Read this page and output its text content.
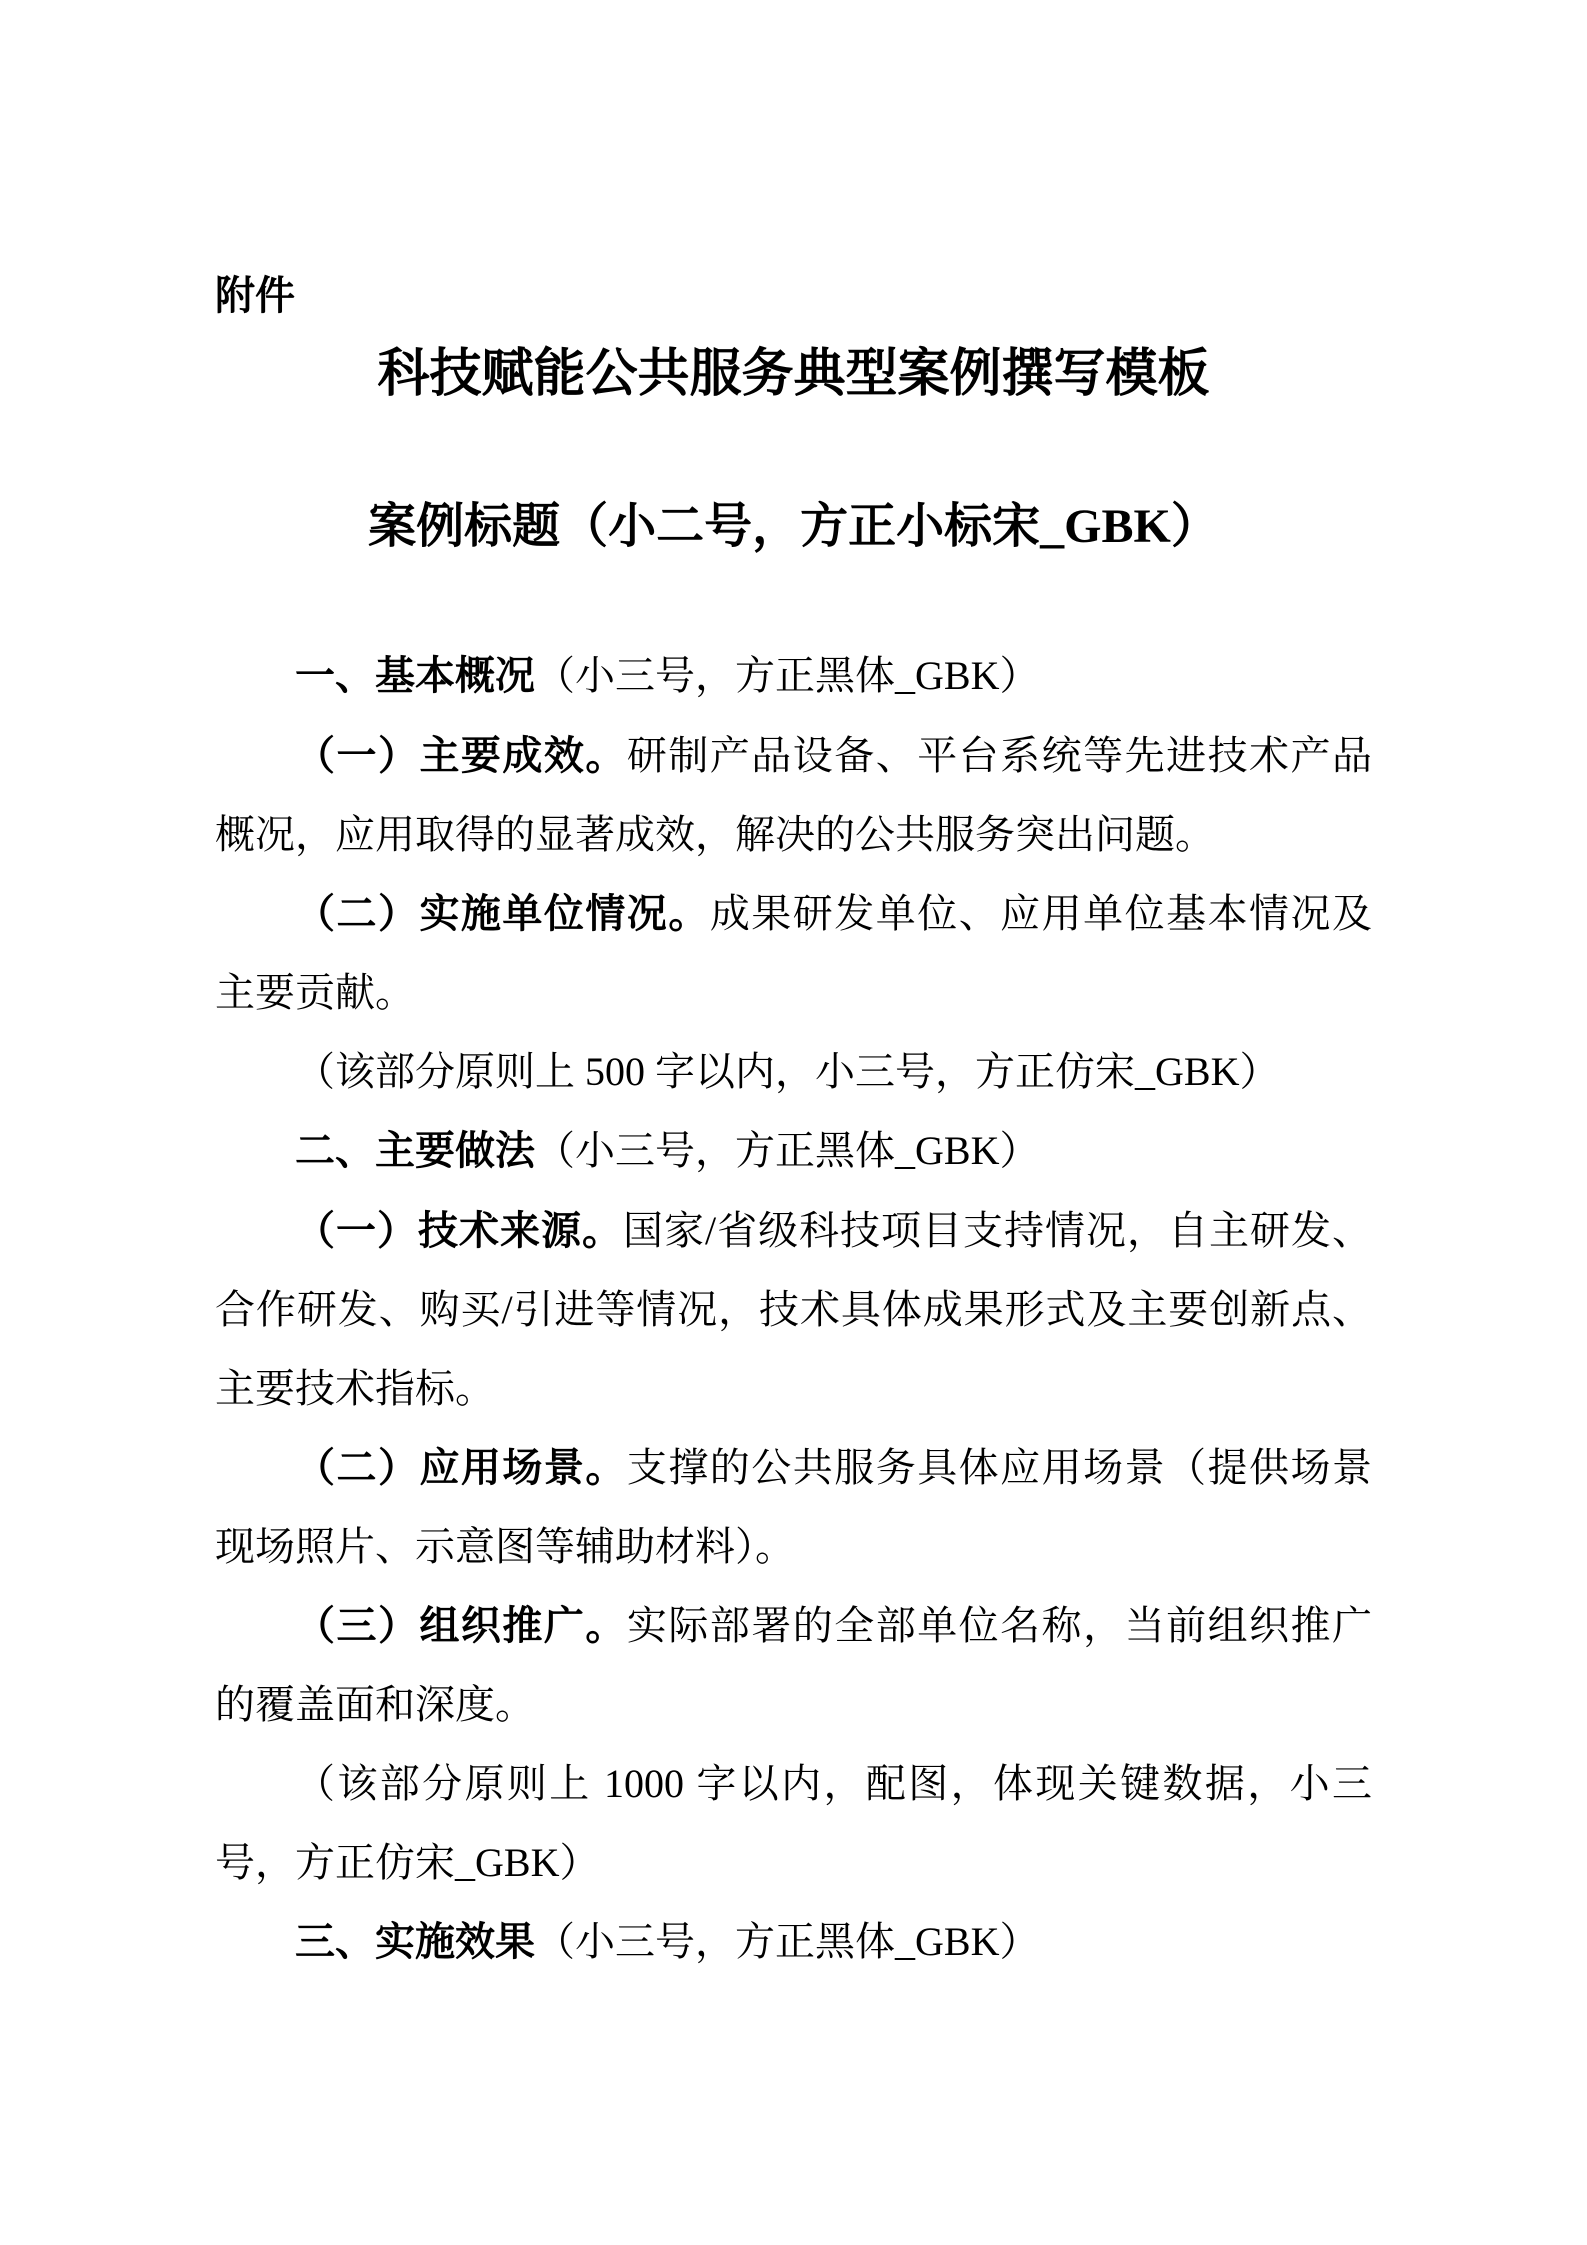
附件
科技赋能公共服务典型案例撰写模板
案例标题（小二号，方正小标宋_GBK）

一、基本概况（小三号，方正黑体_GBK）

（一）主要成效。研制产品设备、平台系统等先进技术产品概况，应用取得的显著成效，解决的公共服务突出问题。

（二）实施单位情况。成果研发单位、应用单位基本情况及主要贡献。

（该部分原则上 500 字以内，小三号，方正仿宋_GBK）

二、主要做法（小三号，方正黑体_GBK）

（一）技术来源。国家/省级科技项目支持情况，自主研发、合作研发、购买/引进等情况，技术具体成果形式及主要创新点、主要技术指标。

（二）应用场景。支撑的公共服务具体应用场景（提供场景现场照片、示意图等辅助材料）。

（三）组织推广。实际部署的全部单位名称，当前组织推广的覆盖面和深度。

（该部分原则上 1000 字以内，配图，体现关键数据，小三号，方正仿宋_GBK）

三、实施效果（小三号，方正黑体_GBK）
